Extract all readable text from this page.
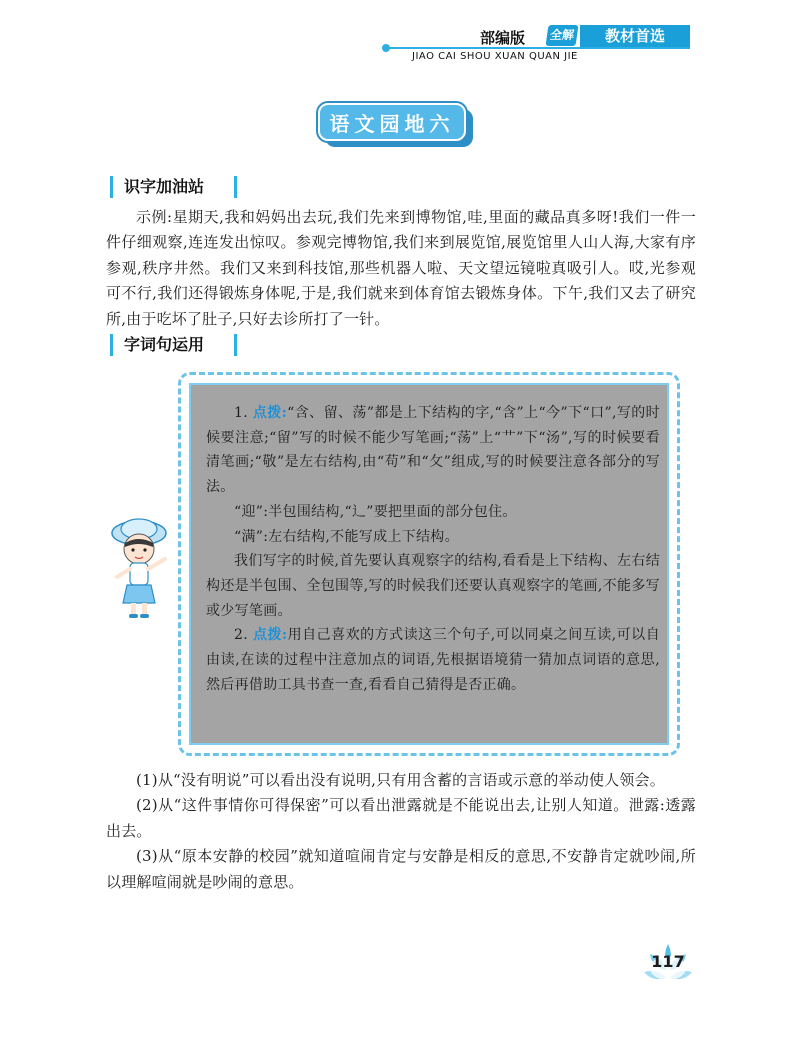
部编版 全解	教材首选
JIAO CAI SHOU XUAN QUAN JIE
语文园地六
识字加油站

示例:星期天,我和妈妈出去玩,我们先来到博物馆,哇,里面的藏品真多呀!我们一件一件仔细观察,连连发出惊叹。参观完博物馆,我们来到展览馆,展览馆里人山人海,大家有序参观,秩序井然。我们又来到科技馆,那些机器人啦、天文望远镜啦真吸引人。哎,光参观可不行,我们还得锻炼身体呢,于是,我们就来到体育馆去锻炼身体。下午,我们又去了研究所,由于吃坏了肚子,只好去诊所打了一针。

字词句运用

1. 点拨:“含、留、荡”都是上下结构的字,“含”上“今”下“口”,写的时候要注意;“留”写的时候不能少写笔画;“荡”上“艹”下“汤”,写的时候要看清笔画;“敬”是左右结构,由“苟”和“攵”组成,写的时候要注意各部分的写法。

“迎”:半包围结构,“辶”要把里面的部分包住。

“满”:左右结构,不能写成上下结构。

我们写字的时候,首先要认真观察字的结构,看看是上下结构、左右结构还是半包围、全包围等,写的时候我们还要认真观察字的笔画,不能多写或少写笔画。

2. 点拨:用自己喜欢的方式读这三个句子,可以同桌之间互读,可以自由读,在读的过程中注意加点的词语,先根据语境猜一猜加点词语的意思,然后再借助工具书查一查,看看自己猜得是否正确。

(1)从“没有明说”可以看出没有说明,只有用含蓄的言语或示意的举动使人领会。

(2)从“这件事情你可得保密”可以看出泄露就是不能说出去,让别人知道。泄露:透露出去。

(3)从“原本安静的校园”就知道喧闹肯定与安静是相反的意思,不安静肯定就吵闹,所以理解喧闹就是吵闹的意思。

117
